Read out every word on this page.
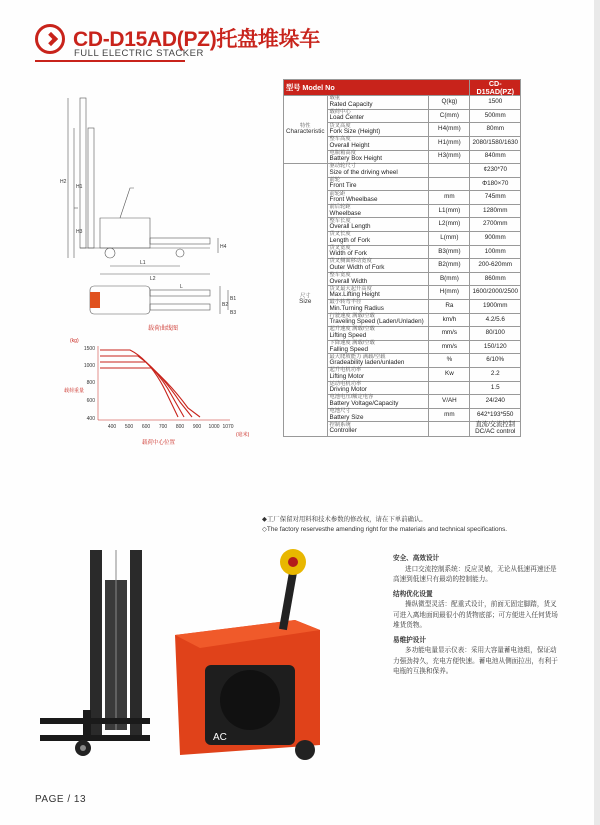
CD-D15AD(PZ)托盘堆垛车
FULL ELECTRIC STACKER
H2
H1
H3
H4
L1
L2
L
B1
B2
B3
载荷曲线图
(kg)
载荷重量
1500
1000
800
600
400
400 500 600 700 800 900 1000 1070
(毫米)
载荷中心位置
型号 Model No			CD-D15AD(PZ)

特性
Characteristic	载重
Rated Capacity	Q(kg)	1500

	载荷中心
Load Center	C(mm)	500mm

	货叉高度
Fork Size (Height)	H4(mm)	80mm

	整车高度
Overall Height	H1(mm)	2080/1580/1630

	电瓶箱高度
Battery Box Height	H3(mm)	840mm

尺寸
Size	驱动轮尺寸
Size of the driving wheel		¢230*70

	前轮
Front Tire		Φ180×70

	前轮距
Front Wheelbase	mm	745mm

	前后轮距
Wheelbase	L1(mm)	1280mm

	整车长度
Overall Length	L2(mm)	2700mm

	货叉长度
Length of Fork	L(mm)	900mm

	货叉宽度
Width of Fork	B3(mm)	100mm

	货叉侧面移动宽度
Outer Width of Fork	B2(mm)	200-620mm

	整车宽度
Overall Width	B(mm)	860mm

	货叉最大起升高度
Max.Lifting Height	H(mm)	1600/2000/2500

	最小转弯半径
Min.Turning Radius	Ra	1900mm

	行驶速度 满载/空载
Traveling Speed (Laden/Unladen)	km/h	4.2/5.6

	起升速度 满载/空载
Lifting Speed	mm/s	80/100

	下降速度 满载/空载
Falling Speed	mm/s	150/120

	最大爬坡能力 满载/空载
Gradeability laden/unladen	%	6/10%

	起升电机功率
Lifting Motor	Kw	2.2

	运动电机功率
Driving Motor		1.5

	电池电压/额定电容
Battery Voltage/Capacity	V/AH	24/240

	电池尺寸
Battery Size	mm	642*193*550

	控制系统
Controller		直流/交流控制 DC/AC control
◆工厂保留对用料和技术参数的修改权，请在下单前确认。
◇The factory reservesthe amending right for the materials and technical specifications.
AC
安全、高效设计
进口交流控制系统：反应灵敏，无论从低速再速还是高速到低速只有最动的控制能力。
结构优化设置
操纵微型灵活：配重式设计，前面无固定脚踏，货叉可进入离地面间最很小的货物底部；可方便进入任何货场堆货货物。
易维护设计
多功能电量显示仪表：采用大容量蓄电池组，保证动力强劲持久，充电方便快速。蓄电池从侧面拉出，有利于电瓶的互换和保养。
PAGE / 13
